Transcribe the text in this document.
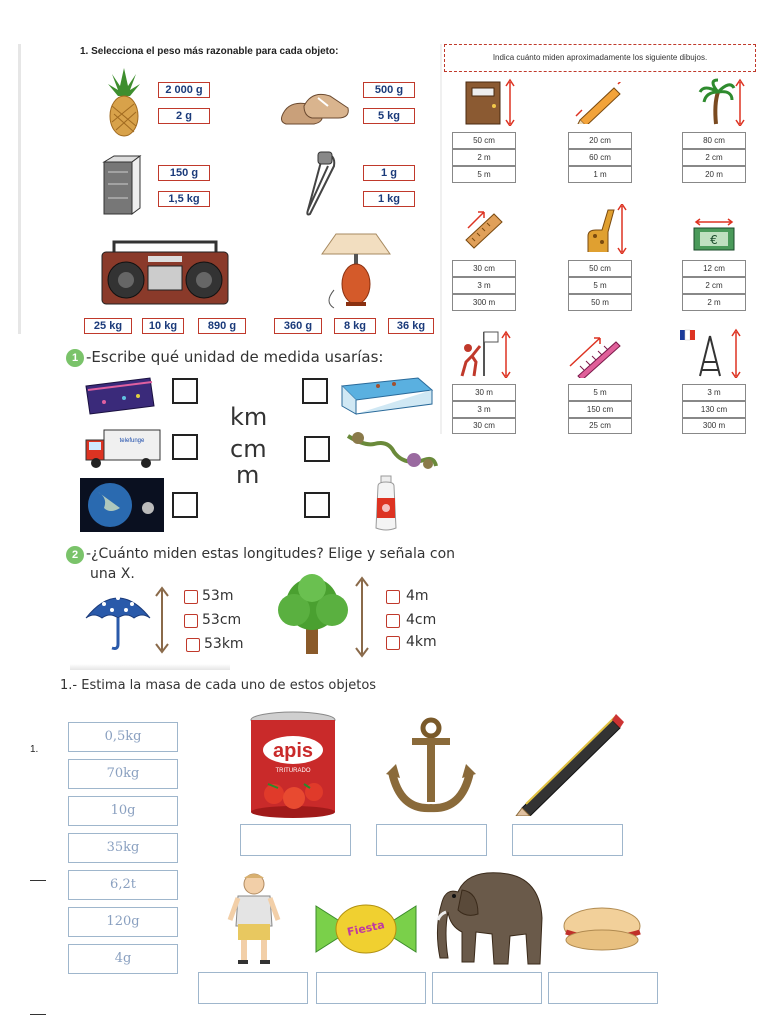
1. Selecciona el peso más razonable para cada objeto:
2 000 g
2 g
500 g
5 kg
150 g
1,5 kg
1 g
1 kg
25 kg	10 kg	890 g	360 g	8 kg	36 kg
Indica cuánto miden aproximadamente los siguiente dibujos.
50 cm
2 m
5 m
20 cm
60 cm
1 m
80 cm
2 cm
20 m
€
30 cm
3 m
300 m
50 cm
5 m
50 m
12 cm
2 cm
2 m
30 m
3 m
30 cm
5 m
150 cm
25 cm
3 m
130 cm
300 m
1 -Escribe qué unidad de medida usarías:
telefunge
km
cm
m
2 -¿Cuánto miden estas longitudes? Elige y señala con
una X.
53m
53cm
53km
4m
4cm
4km
1.- Estima la masa de cada uno de estos objetos
1.
0,5kg
70kg
10g
35kg
6,2t
120g
4g
apis
TRITURADO
Fiesta
